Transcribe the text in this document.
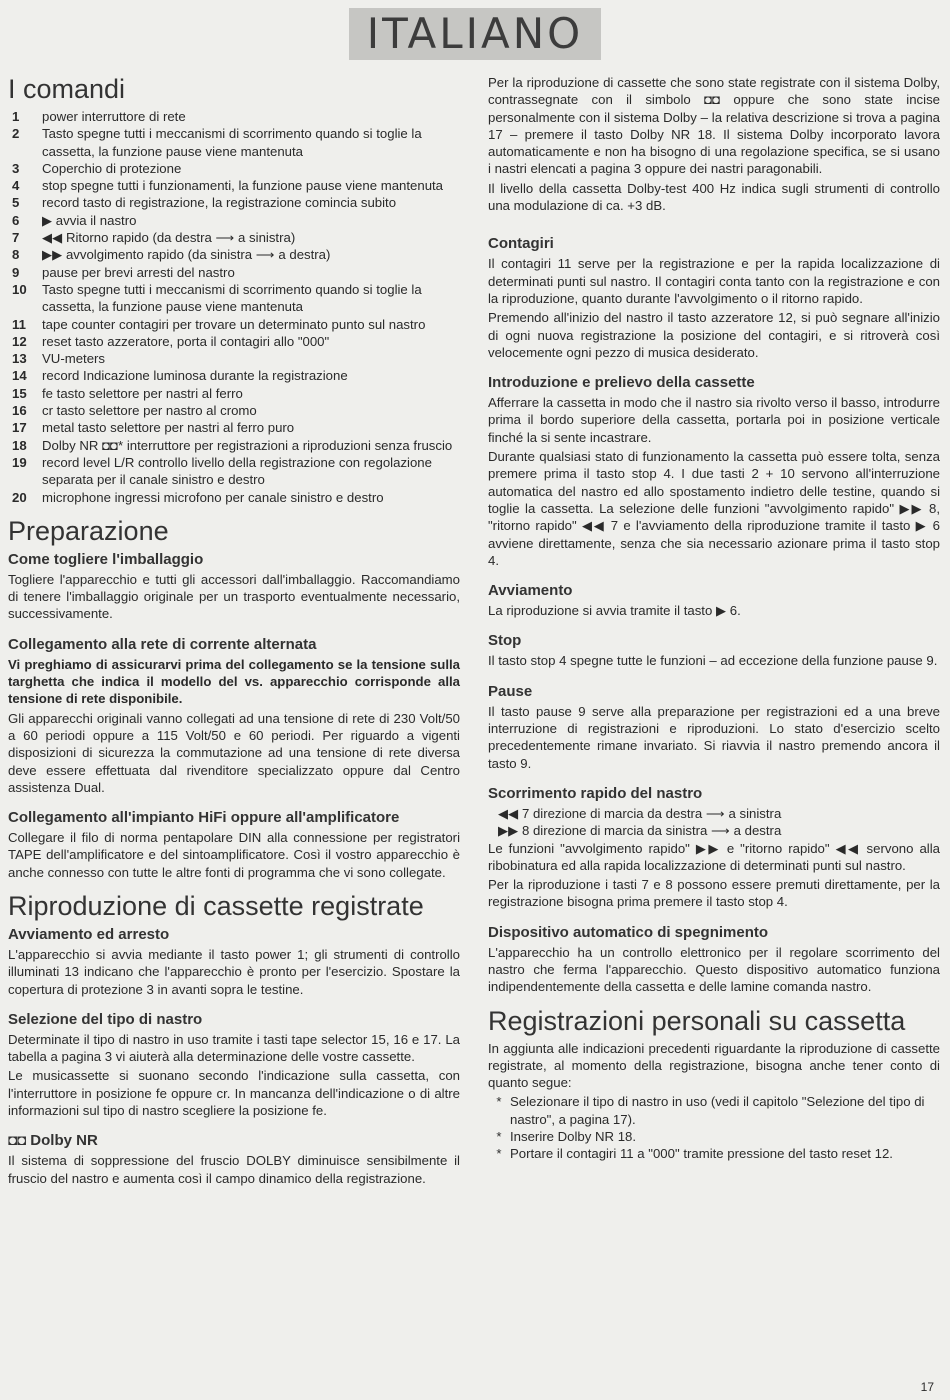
ITALIANO
I comandi
1	power interruttore di rete
2	Tasto spegne tutti i meccanismi di scorrimento quando si toglie la cassetta, la funzione pause viene mantenuta
3	Coperchio di protezione
4	stop spegne tutti i funzionamenti, la funzione pause viene mantenuta
5	record tasto di registrazione, la registrazione comincia subito
6	▶ avvia il nastro
7	◀◀ Ritorno rapido (da destra ⟶ a sinistra)
8	▶▶ avvolgimento rapido (da sinistra ⟶ a destra)
9	pause per brevi arresti del nastro
10	Tasto spegne tutti i meccanismi di scorrimento quando si toglie la cassetta, la funzione pause viene mantenuta
11	tape counter contagiri per trovare un determinato punto sul nastro
12	reset tasto azzeratore, porta il contagiri allo "000"
13	VU-meters
14	record Indicazione luminosa durante la registrazione
15	fe tasto selettore per nastri al ferro
16	cr tasto selettore per nastro al cromo
17	metal tasto selettore per nastri al ferro puro
18	Dolby NR ◘◘* interruttore per registrazioni a riproduzioni senza fruscio
19	record level L/R controllo livello della registrazione con regolazione separata per il canale sinistro e destro
20	microphone ingressi microfono per canale sinistro e destro
Preparazione
Come togliere l'imballaggio

Togliere l'apparecchio e tutti gli accessori dall'imballaggio. Raccomandiamo di tenere l'imballaggio originale per un trasporto eventualmente necessario, successivamente.

Collegamento alla rete di corrente alternata

Vi preghiamo di assicurarvi prima del collegamento se la tensione sulla targhetta che indica il modello del vs. apparecchio corrisponde alla tensione di rete disponibile.

Gli apparecchi originali vanno collegati ad una tensione di rete di 230 Volt/50 a 60 periodi oppure a 115 Volt/50 e 60 periodi. Per riguardo a vigenti disposizioni di sicurezza la commutazione ad una tensione di rete diversa deve essere effettuata dal rivenditore specializzato oppure dal Centro assistenza Dual.

Collegamento all'impianto HiFi oppure all'amplificatore

Collegare il filo di norma pentapolare DIN alla connessione per registratori TAPE dell'amplificatore e del sintoamplificatore. Così il vostro apparecchio è anche connesso con tutte le altre fonti di programma che vi sono collegate.

Riproduzione di cassette registrate
Avviamento ed arresto

L'apparecchio si avvia mediante il tasto power 1; gli strumenti di controllo illuminati 13 indicano che l'apparecchio è pronto per l'esercizio. Spostare la copertura di protezione 3 in avanti sopra le testine.

Selezione del tipo di nastro

Determinate il tipo di nastro in uso tramite i tasti tape selector 15, 16 e 17. La tabella a pagina 3 vi aiuterà alla determinazione delle vostre cassette.

Le musicassette si suonano secondo l'indicazione sulla cassetta, con l'interruttore in posizione fe oppure cr. In mancanza dell'indicazione o di altre informazioni sul tipo di nastro scegliere la posizione fe.

◘◘ Dolby NR

Il sistema di soppressione del fruscio DOLBY diminuisce sensibilmente il fruscio del nastro e aumenta così il campo dinamico della registrazione.

Per la riproduzione di cassette che sono state registrate con il sistema Dolby, contrassegnate con il simbolo ◘◘ oppure che sono state incise personalmente con il sistema Dolby – la relativa descrizione si trova a pagina 17 – premere il tasto Dolby NR 18. Il sistema Dolby incorporato lavora automaticamente e non ha bisogno di una regolazione specifica, se si usano i nastri elencati a pagina 3 oppure dei nastri paragonabili.

Il livello della cassetta Dolby-test 400 Hz indica sugli strumenti di controllo una modulazione di ca. +3 dB.

Contagiri

Il contagiri 11 serve per la registrazione e per la rapida localizzazione di determinati punti sul nastro. Il contagiri conta tanto con la registrazione e con la riproduzione, quanto durante l'avvolgimento o il ritorno rapido.

Premendo all'inizio del nastro il tasto azzeratore 12, si può segnare all'inizio di ogni nuova registrazione la posizione del contagiri, e si ritroverà così velocemente ogni pezzo di musica desiderato.

Introduzione e prelievo della cassette

Afferrare la cassetta in modo che il nastro sia rivolto verso il basso, introdurre prima il bordo superiore della cassetta, portarla poi in posizione verticale finché la si sente incastrare.

Durante qualsiasi stato di funzionamento la cassetta può essere tolta, senza premere prima il tasto stop 4. I due tasti 2 + 10 servono all'interruzione automatica del nastro ed allo spostamento indietro delle testine, quando si toglie la cassetta. La selezione delle funzioni "avvolgimento rapido" ▶▶ 8, "ritorno rapido" ◀◀ 7 e l'avviamento della riproduzione tramite il tasto ▶ 6 avviene direttamente, senza che sia necessario azionare prima il tasto stop 4.

Avviamento

La riproduzione si avvia tramite il tasto ▶ 6.

Stop

Il tasto stop 4 spegne tutte le funzioni – ad eccezione della funzione pause 9.

Pause

Il tasto pause 9 serve alla preparazione per registrazioni ed a una breve interruzione di registrazioni e riproduzioni. Lo stato d'esercizio scelto precedentemente rimane invariato. Si riavvia il nastro premendo ancora il tasto 9.

Scorrimento rapido del nastro

◀◀ 7 direzione di marcia da destra ⟶ a sinistra

▶▶ 8 direzione di marcia da sinistra ⟶ a destra

Le funzioni "avvolgimento rapido" ▶▶ e "ritorno rapido" ◀◀ servono alla ribobinatura ed alla rapida localizzazione di determinati punti sul nastro.

Per la riproduzione i tasti 7 e 8 possono essere premuti direttamente, per la registrazione bisogna prima premere il tasto stop 4.

Dispositivo automatico di spegnimento

L'apparecchio ha un controllo elettronico per il regolare scorrimento del nastro che ferma l'apparecchio. Questo dispositivo automatico funziona indipendentemente della cassetta e delle lamine comanda nastro.

Registrazioni personali su cassetta

In aggiunta alle indicazioni precedenti riguardante la riproduzione di cassette registrate, al momento della registrazione, bisogna anche tener conto di quanto segue:

* Selezionare il tipo di nastro in uso (vedi il capitolo "Selezione del tipo di nastro", a pagina 17).
* Inserire Dolby NR 18.
* Portare il contagiri 11 a "000" tramite pressione del tasto reset 12.
17
